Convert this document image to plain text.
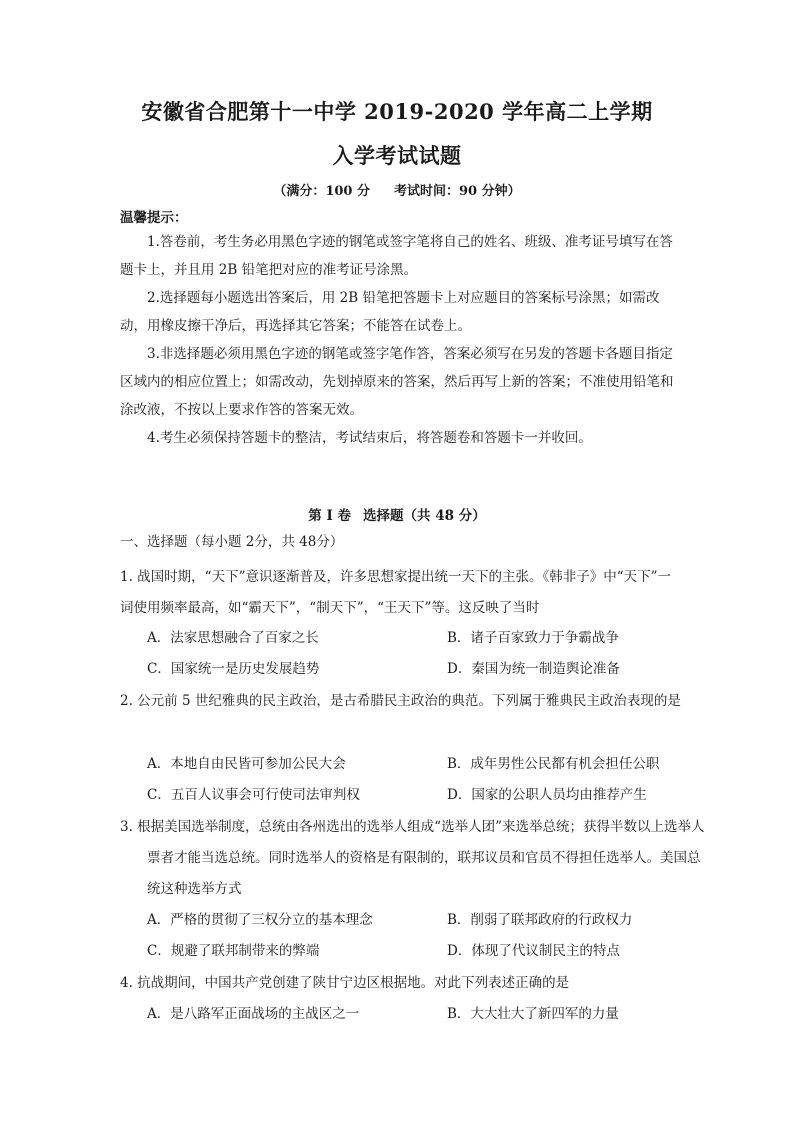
安徽省合肥第十一中学 2019-2020 学年高二上学期
入学考试试题
（满分：100 分 考试时间：90 分钟）
温馨提示：
1.答卷前，考生务必用黑色字迹的钢笔或签字笔将自己的姓名、班级、准考证号填写在答题卡上，并且用 2B 铅笔把对应的准考证号涂黑。
2.选择题每小题选出答案后，用 2B 铅笔把答题卡上对应题目的答案标号涂黑；如需改动，用橡皮擦干净后，再选择其它答案；不能答在试卷上。
3.非选择题必须用黑色字迹的钢笔或签字笔作答，答案必须写在另发的答题卡各题目指定区域内的相应位置上；如需改动，先划掉原来的答案，然后再写上新的答案；不准使用铅笔和涂改液，不按以上要求作答的答案无效。
4.考生必须保持答题卡的整洁，考试结束后，将答题卷和答题卡一并收回。
第 Ⅰ 卷 选择题（共 48 分）
一、选择题（每小题 2分，共 48分）
1. 战国时期，“天下”意识逐渐普及，许多思想家提出统一天下的主张。《韩非子》中“天下”一词使用频率最高，如“霸天下”，“制天下”，“王天下”等。这反映了当时
A．法家思想融合了百家之长	B．诸子百家致力于争霸战争
C．国家统一是历史发展趋势	D．秦国为统一制造舆论准备
2. 公元前 5 世纪雅典的民主政治，是古希腊民主政治的典范。下列属于雅典民主政治表现的是
A．本地自由民皆可参加公民大会	B．成年男性公民都有机会担任公职
C．五百人议事会可行使司法审判权	D．国家的公职人员均由推荐产生
3. 根据美国选举制度，总统由各州选出的选举人组成“选举人团”来选举总统；获得半数以上选举人票者才能当选总统。同时选举人的资格是有限制的，联邦议员和官员不得担任选举人。美国总统这种选举方式
A．严格的贯彻了三权分立的基本理念	B．削弱了联邦政府的行政权力
C．规避了联邦制带来的弊端	D．体现了代议制民主的特点
4. 抗战期间，中国共产党创建了陕甘宁边区根据地。对此下列表述正确的是
A．是八路军正面战场的主战区之一	B．大大壮大了新四军的力量
